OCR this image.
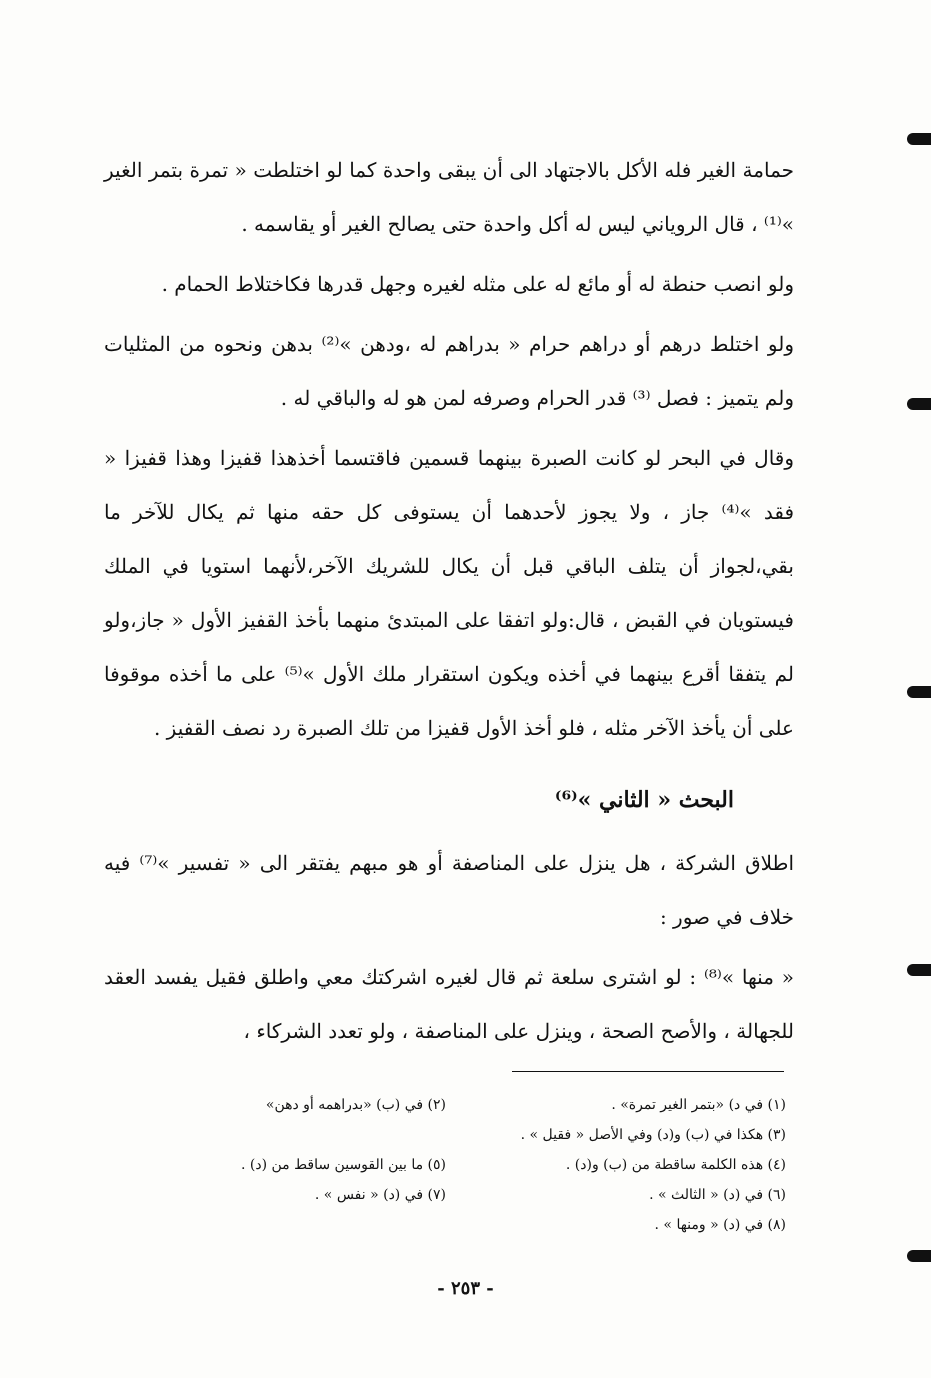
حمامة الغير فله الأكل بالاجتهاد الى أن يبقى واحدة كما لو اختلطت « تمرة بتمر الغير »⁽¹⁾ ، قال الروياني ليس له أكل واحدة حتى يصالح الغير أو يقاسمه .

ولو انصب حنطة له أو مائع له على مثله لغيره وجهل قدرها فكاختلاط الحمام .

ولو اختلط درهم أو دراهم حرام « بدراهم له ،ودهن »⁽²⁾ بدهن ونحوه من المثليات ولم يتميز : فصل ⁽³⁾ قدر الحرام وصرفه لمن هو له والباقي له .

وقال في البحر لو كانت الصبرة بينهما قسمين فاقتسما أخذهذا قفيزا وهذا قفيزا « فقد »⁽⁴⁾ جاز ، ولا يجوز لأحدهما أن يستوفى كل حقه منها ثم يكال للآخر ما بقي،لجواز أن يتلف الباقي قبل أن يكال للشريك الآخر،لأنهما استويا في الملك فيستويان في القبض ، قال:ولو اتفقا على المبتدئ منهما بأخذ القفيز الأول « جاز،ولو لم يتفقا أقرع بينهما في أخذه ويكون استقرار ملك الأول »⁽⁵⁾ على ما أخذه موقوفا على أن يأخذ الآخر مثله ، فلو أخذ الأول قفيزا من تلك الصبرة رد نصف القفيز .

البحث « الثاني »⁽⁶⁾

اطلاق الشركة ، هل ينزل على المناصفة أو هو مبهم يفتقر الى « تفسير »⁽⁷⁾ فيه خلاف في صور :

« منها »⁽⁸⁾ : لو اشترى سلعة ثم قال لغيره اشركتك معي واطلق فقيل يفسد العقد للجهالة ، والأصح الصحة ، وينزل على المناصفة ، ولو تعدد الشركاء ،

(١) في د) «بتمر الغير تمرة» .
(٣) هكذا في (ب) و(د) وفي الأصل « فقيل » .
(٤) هذه الكلمة ساقطة من (ب) و(د) .
(٦) في (د) « الثالث » .
(٨) في (د) « ومنها » .
(٢) في (ب) «بدراهمه أو دهن»

(٥) ما بين القوسين ساقط من (د) .
(٧) في (د) « نفس » .
- ٢٥٣ -
